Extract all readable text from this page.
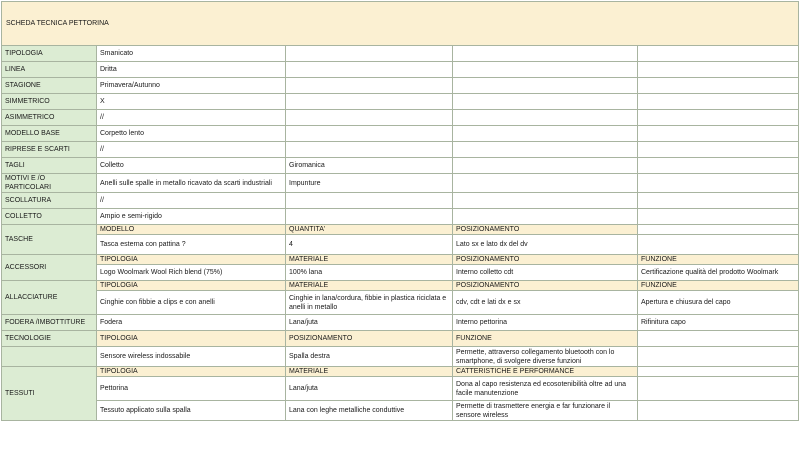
SCHEDA TECNICA PETTORINA				
TIPOLOGIA	Smanicato			
LINEA	Dritta			
STAGIONE	Primavera/Autunno			
SIMMETRICO	X			
ASIMMETRICO	//			
MODELLO BASE	Corpetto lento			
RIPRESE E SCARTI	//			
TAGLI	Colletto	Giromanica		
MOTIVI E /O PARTICOLARI	Anelli sulle spalle in metallo ricavato da scarti industriali	Impunture		
SCOLLATURA	//			
COLLETTO	Ampio e semi-rigido			
TASCHE	MODELLO	QUANTITA'	POSIZIONAMENTO	
	Tasca esterna con pattina ?	4	Lato sx e lato dx del dv	
ACCESSORI	TIPOLOGIA	MATERIALE	POSIZIONAMENTO	FUNZIONE
	Logo Woolmark Wool Rich blend (75%)	100% lana	Interno colletto cdt	Certificazione qualità del prodotto Woolmark
ALLACCIATURE	TIPOLOGIA	MATERIALE	POSIZIONAMENTO	FUNZIONE
	Cinghie con fibbie a clips e con anelli	Cinghie in lana/cordura, fibbie in plastica riciclata e anelli in metallo	cdv, cdt e lati dx e sx	Apertura e chiusura del capo
FODERA /IMBOTTITURE	Fodera	Lana/juta	Interno pettorina	Rifinitura capo
TECNOLOGIE	TIPOLOGIA	POSIZIONAMENTO	FUNZIONE	
	Sensore wireless indossabile	Spalla destra	Permette, attraverso collegamento bluetooth con lo smartphone, di svolgere diverse funzioni	
TESSUTI	TIPOLOGIA	MATERIALE	CATTERISTICHE E PERFORMANCE	
	Pettorina	Lana/juta	Dona al capo resistenza ed ecosotenibilità oltre ad una facile manutenzione	
	Tessuto applicato sulla spalla	Lana con leghe metalliche conduttive	Permette di trasmettere energia e far funzionare il sensore wireless	
